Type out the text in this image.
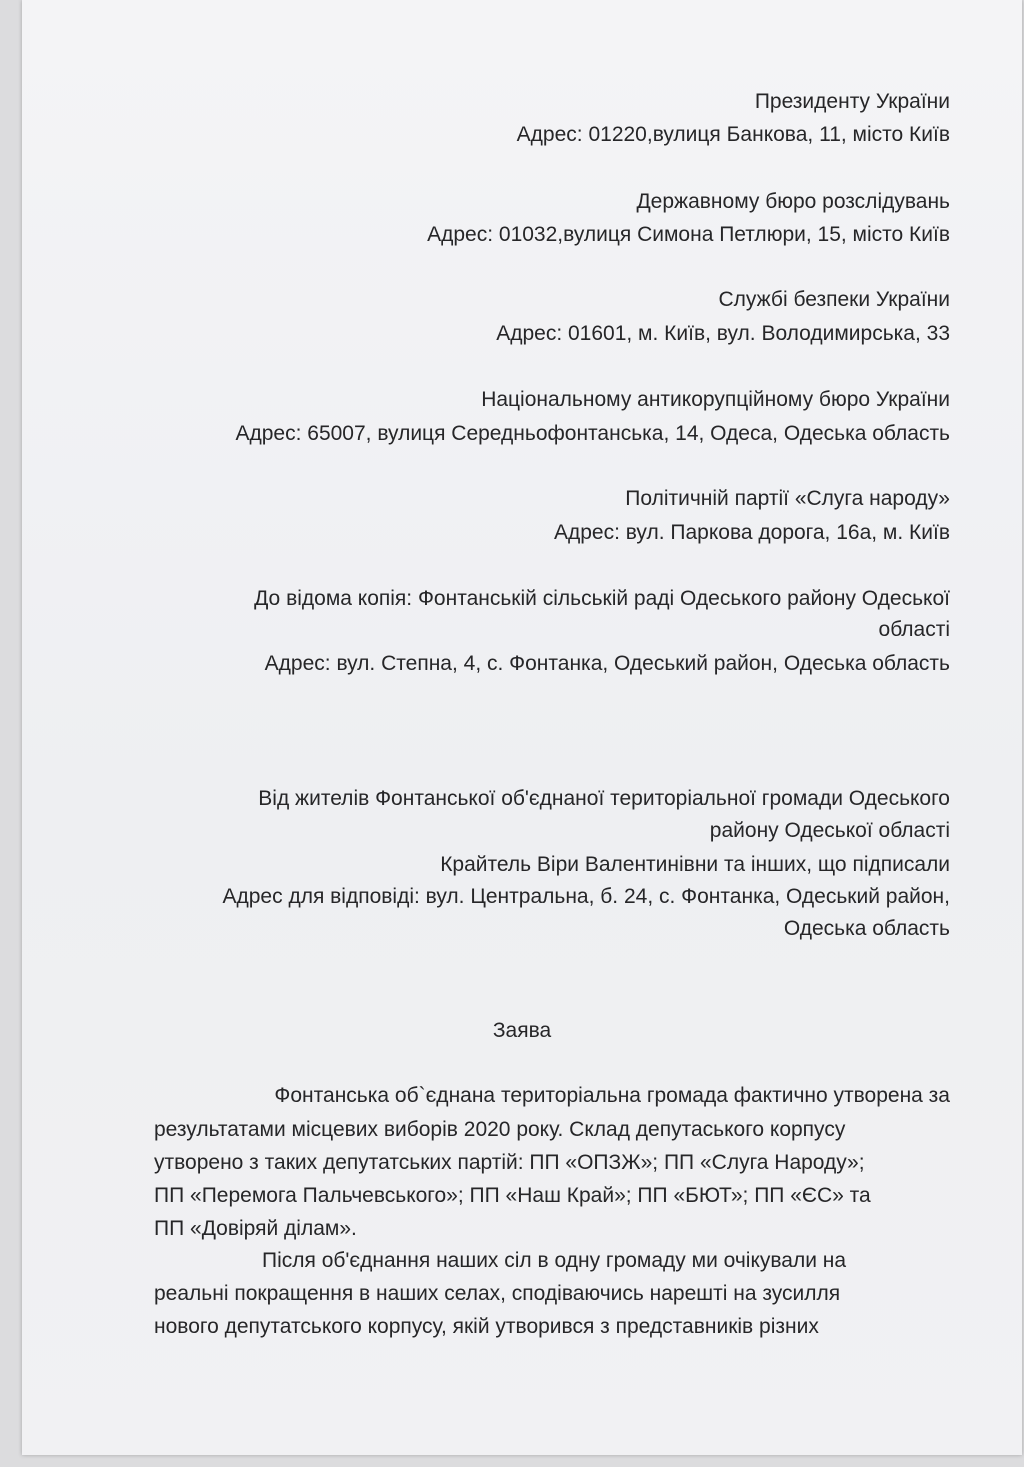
Президенту України

Адрес: 01220,вулиця Банкова, 11, місто Київ

Державному бюро розслідувань

Адрес: 01032,вулиця Симона Петлюри, 15, місто Київ

Службі безпеки України

Адрес: 01601, м. Київ, вул. Володимирська, 33

Національному антикорупційному бюро України

Адрес: 65007, вулиця Середньофонтанська, 14, Одеса, Одеська область

Політичній партії «Слуга народу»

Адрес: вул. Паркова дорога, 16а, м. Київ

До відома копія: Фонтанській сільській раді Одеського району Одеської

області

Адрес: вул. Степна, 4, с. Фонтанка, Одеський район, Одеська область

Від жителів Фонтанської об'єднаної територіальної громади Одеського

району Одеської області

Крайтель Віри Валентинівни та інших, що підписали

Адрес для відповіді: вул. Центральна, б. 24, с. Фонтанка, Одеський район,

Одеська область

Заява

Фонтанська об`єднана територіальна громада фактично утворена за

результатами місцевих виборів 2020 року. Склад депутаського корпусу

утворено з таких депутатських партій: ПП «ОПЗЖ»; ПП «Слуга Народу»;

ПП «Перемога Пальчевського»; ПП «Наш Край»; ПП «БЮТ»; ПП «ЄС» та

ПП «Довіряй ділам».

Після об'єднання наших сіл в одну громаду ми очікували на

реальні покращення в наших селах, сподіваючись нарешті на зусилля

нового депутатського корпусу, якій утворився з представників різних
